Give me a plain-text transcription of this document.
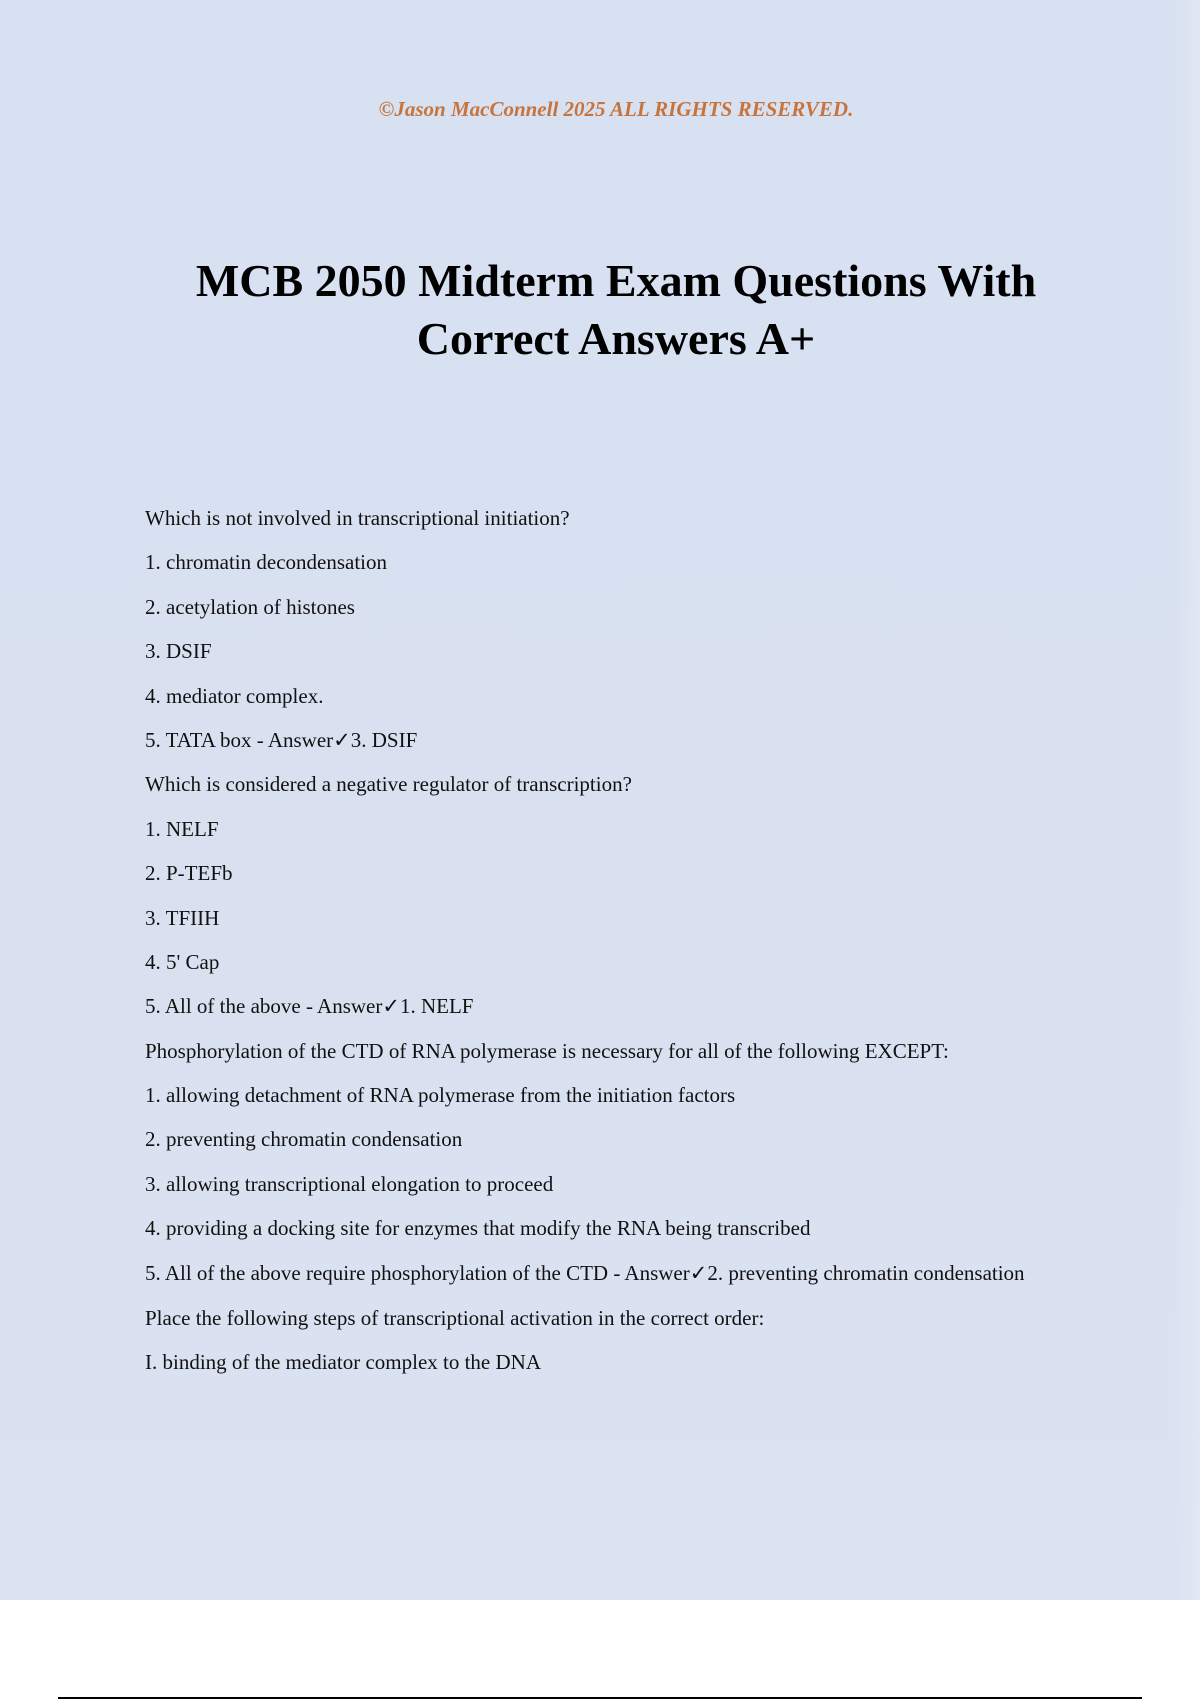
©Jason MacConnell 2025 ALL RIGHTS RESERVED.
MCB 2050 Midterm Exam Questions With
Correct Answers A+

Which is not involved in transcriptional initiation?

1. chromatin decondensation

2. acetylation of histones

3. DSIF

4. mediator complex.

5. TATA box - Answer✓3. DSIF

Which is considered a negative regulator of transcription?

1. NELF

2. P-TEFb

3. TFIIH

4. 5' Cap

5. All of the above - Answer✓1. NELF

Phosphorylation of the CTD of RNA polymerase is necessary for all of the following EXCEPT:

1. allowing detachment of RNA polymerase from the initiation factors

2. preventing chromatin condensation

3. allowing transcriptional elongation to proceed

4. providing a docking site for enzymes that modify the RNA being transcribed

5. All of the above require phosphorylation of the CTD - Answer✓2. preventing chromatin condensation

Place the following steps of transcriptional activation in the correct order:

I. binding of the mediator complex to the DNA
